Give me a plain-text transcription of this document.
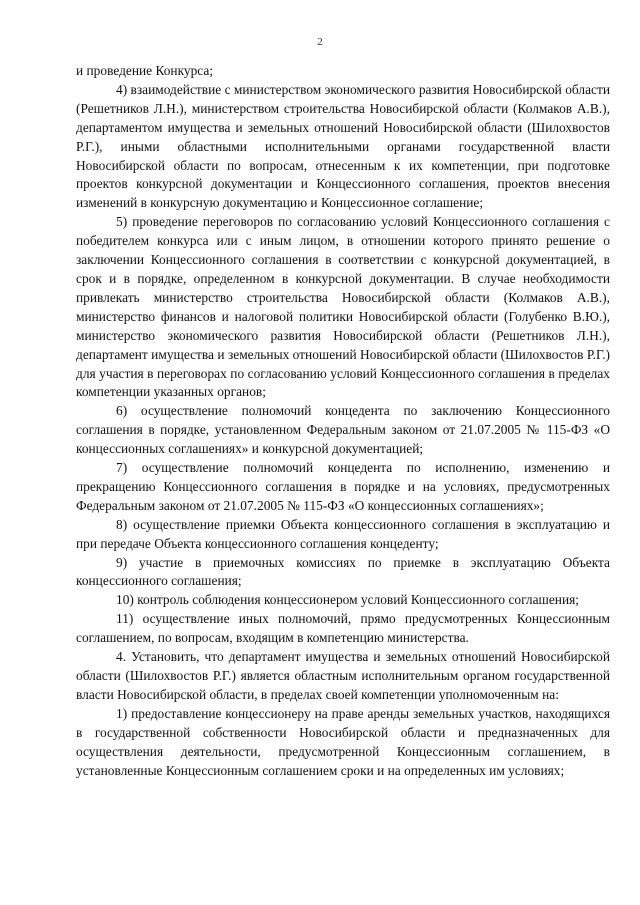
2

и проведение Конкурса;

4) взаимодействие с министерством экономического развития Новосибирской области (Решетников Л.Н.), министерством строительства Новосибирской области (Колмаков А.В.), департаментом имущества и земельных отношений Новосибирской области (Шилохвостов Р.Г.), иными областными исполнительными органами государственной власти Новосибирской области по вопросам, отнесенным к их компетенции, при подготовке проектов конкурсной документации и Концессионного соглашения, проектов внесения изменений в конкурсную документацию и Концессионное соглашение;

5) проведение переговоров по согласованию условий Концессионного соглашения с победителем конкурса или с иным лицом, в отношении которого принято решение о заключении Концессионного соглашения в соответствии с конкурсной документацией, в срок и в порядке, определенном в конкурсной документации. В случае необходимости привлекать министерство строительства Новосибирской области (Колмаков А.В.), министерство финансов и налоговой политики Новосибирской области (Голубенко В.Ю.), министерство экономического развития Новосибирской области (Решетников Л.Н.), департамент имущества и земельных отношений Новосибирской области (Шилохвостов Р.Г.) для участия в переговорах по согласованию условий Концессионного соглашения в пределах компетенции указанных органов;

6) осуществление полномочий концедента по заключению Концессионного соглашения в порядке, установленном Федеральным законом от 21.07.2005 № 115-ФЗ «О концессионных соглашениях» и конкурсной документацией;

7) осуществление полномочий концедента по исполнению, изменению и прекращению Концессионного соглашения в порядке и на условиях, предусмотренных Федеральным законом от 21.07.2005 № 115-ФЗ «О концессионных соглашениях»;

8) осуществление приемки Объекта концессионного соглашения в эксплуатацию и при передаче Объекта концессионного соглашения концеденту;

9) участие в приемочных комиссиях по приемке в эксплуатацию Объекта концессионного соглашения;

10) контроль соблюдения концессионером условий Концессионного соглашения;

11) осуществление иных полномочий, прямо предусмотренных Концессионным соглашением, по вопросам, входящим в компетенцию министерства.

4. Установить, что департамент имущества и земельных отношений Новосибирской области (Шилохвостов Р.Г.) является областным исполнительным органом государственной власти Новосибирской области, в пределах своей компетенции уполномоченным на:

1) предоставление концессионеру на праве аренды земельных участков, находящихся в государственной собственности Новосибирской области и предназначенных для осуществления деятельности, предусмотренной Концессионным соглашением, в установленные Концессионным соглашением сроки и на определенных им условиях;
